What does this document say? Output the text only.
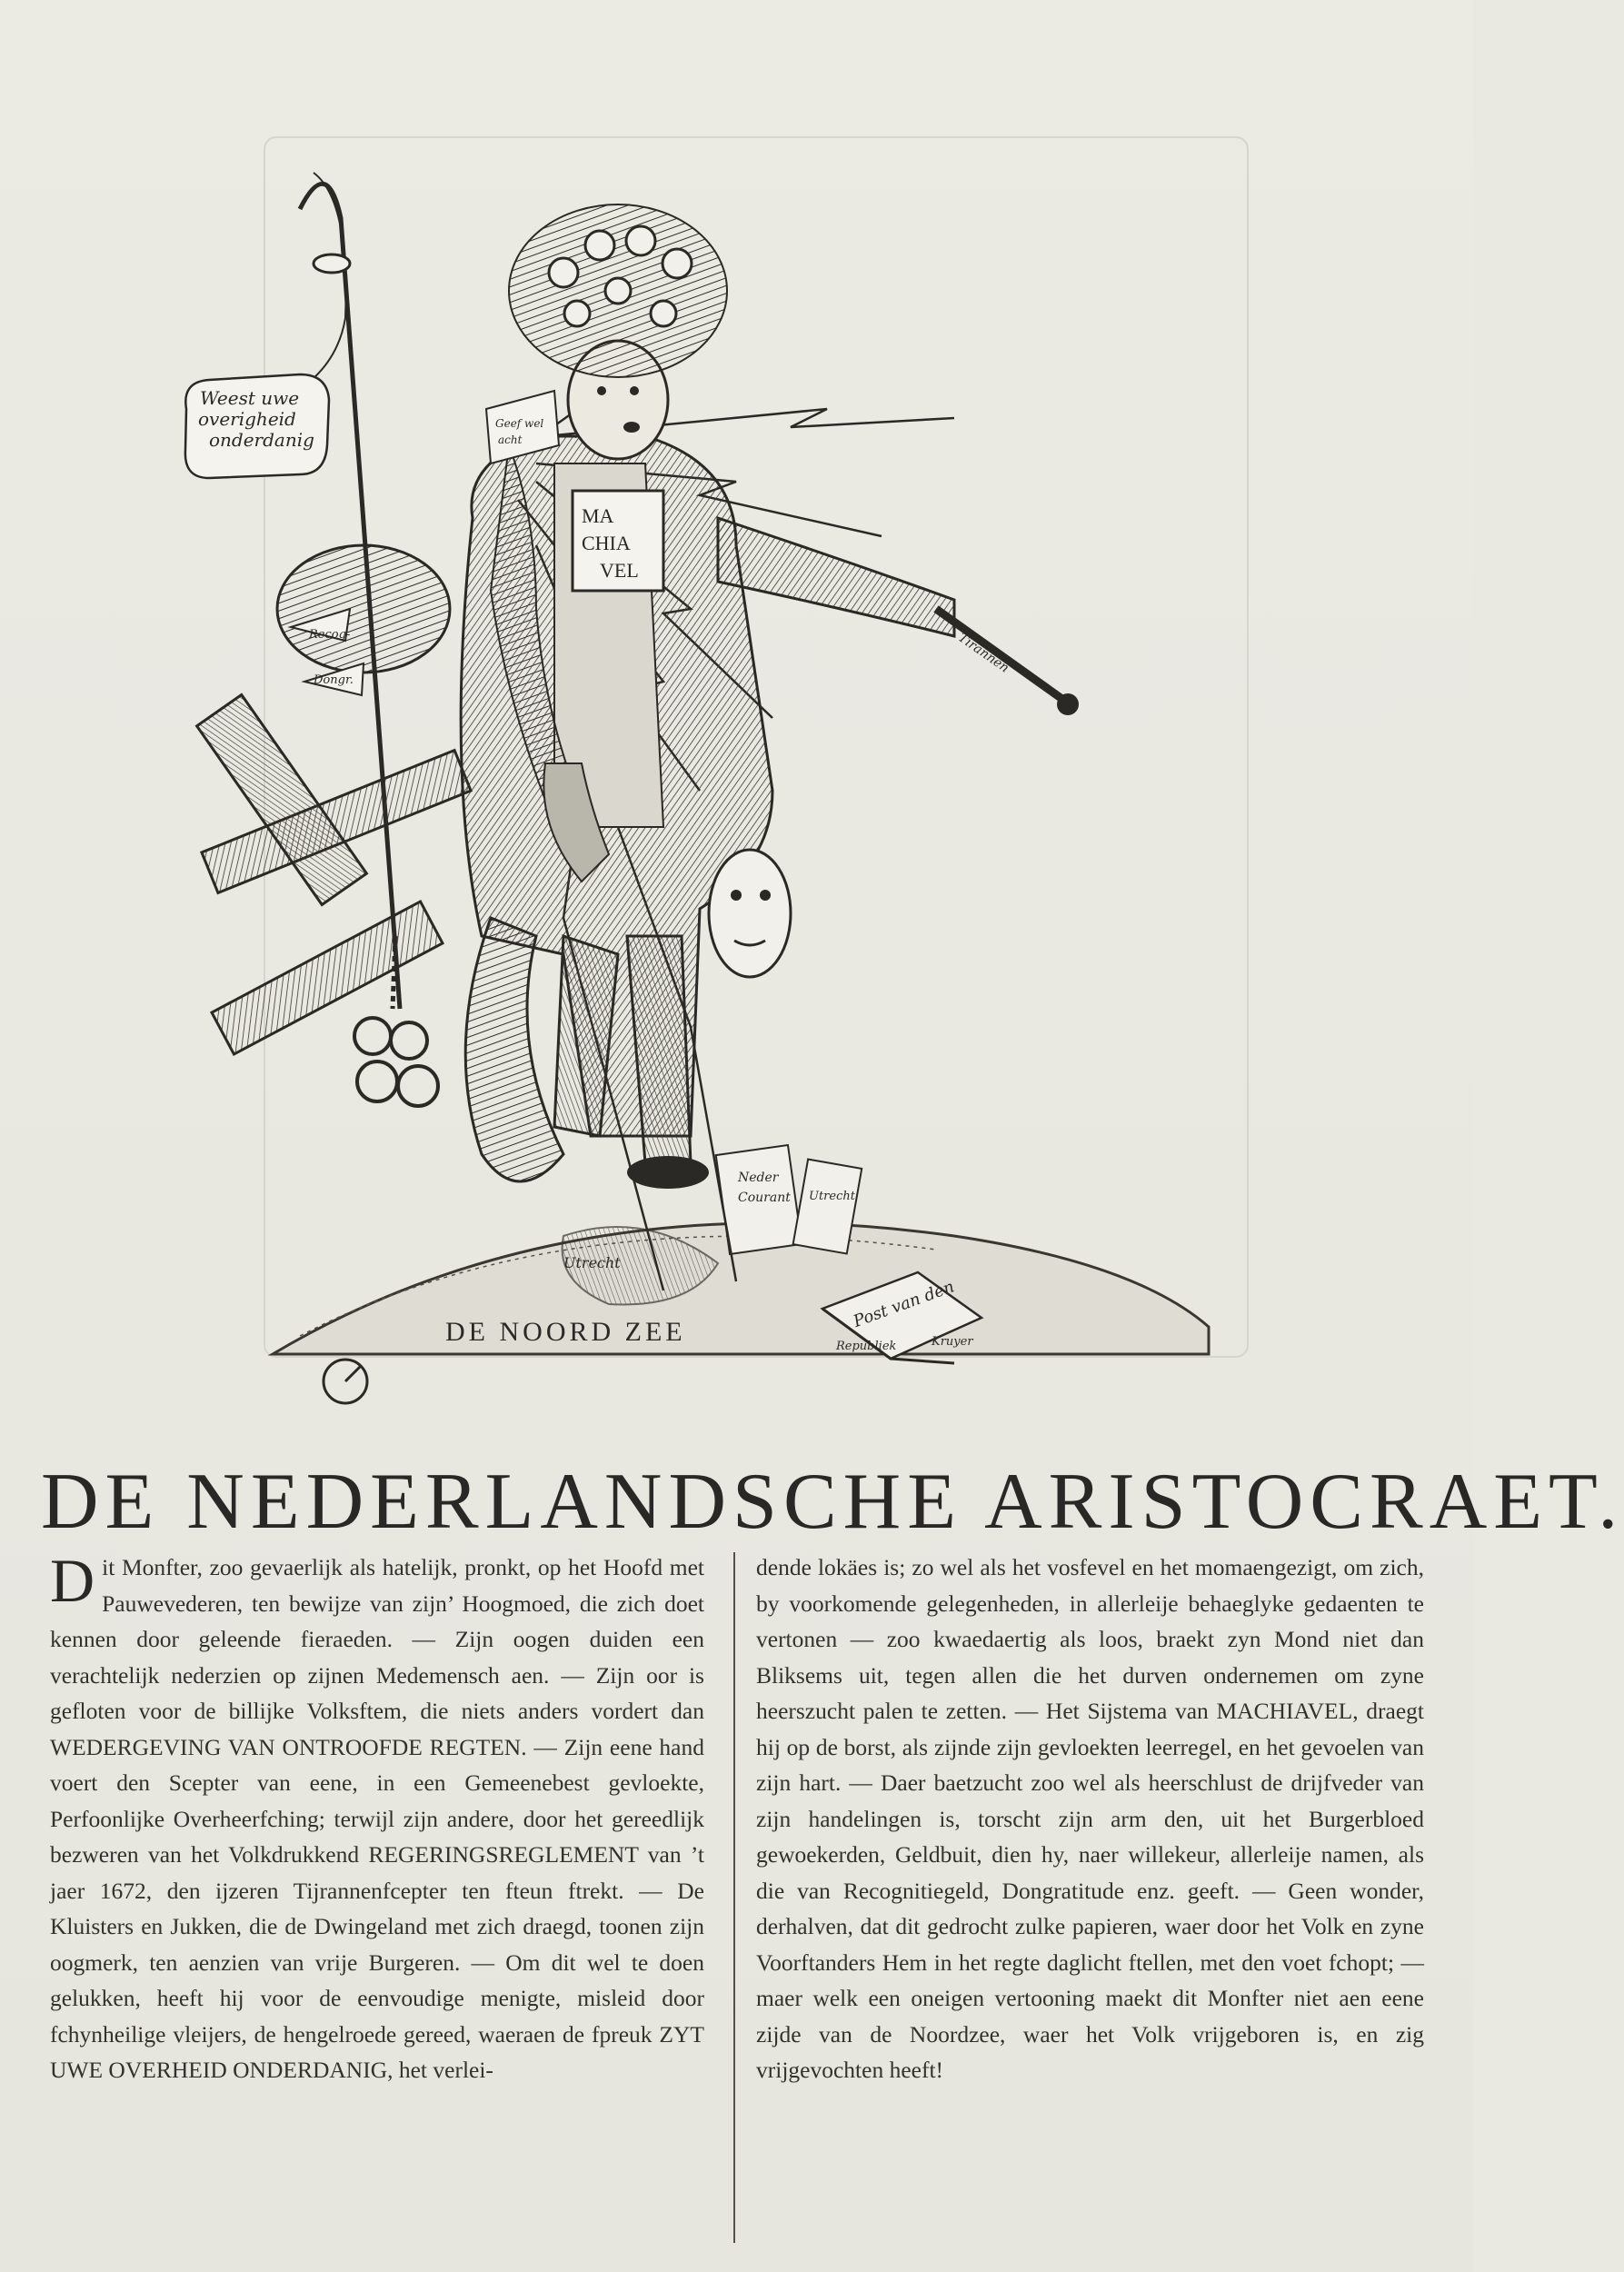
DE NOORD ZEE
Utrecht
Neder
Courant Utrecht
Post van den
Republiek	Kruyer
Weest uwe
overigheid
onderdanig
Recog-
Dongr.
Tirannen
MA
CHIA
VEL
Geef wel
acht
DE NEDERLANDSCHE ARISTOCRAET.

Dit Monfter, zoo gevaerlijk als hatelijk, pronkt, op het Hoofd met Pauwevederen, ten bewijze van zijn’ Hoogmoed, die zich doet kennen door geleende fieraeden. — Zijn oogen duiden een verachtelijk nederzien op zijnen Medemensch aen. — Zijn oor is gefloten voor de billijke Volksftem, die niets anders vordert dan WEDERGEVING VAN ONTROOFDE REGTEN. — Zijn eene hand voert den Scepter van eene, in een Gemeenebest gevloekte, Perfoonlijke Overheerfching; terwijl zijn andere, door het gereedlijk bezweren van het Volkdrukkend REGERINGSREGLEMENT van ’t jaer 1672, den ijzeren Tijrannenfcepter ten fteun ftrekt. — De Kluisters en Jukken, die de Dwingeland met zich draegd, toonen zijn oogmerk, ten aenzien van vrije Burgeren. — Om dit wel te doen gelukken, heeft hij voor de eenvoudige menigte, misleid door fchynheilige vleijers, de hengelroede gereed, waeraen de fpreuk ZYT UWE OVERHEID ONDERDANIG, het verlei-

dende lokäes is; zo wel als het vosfevel en het momaengezigt, om zich, by voorkomende gelegenheden, in allerleije behaeglyke gedaenten te vertonen — zoo kwaedaertig als loos, braekt zyn Mond niet dan Bliksems uit, tegen allen die het durven ondernemen om zyne heerszucht palen te zetten. — Het Sijstema van MACHIAVEL, draegt hij op de borst, als zijnde zijn gevloekten leerregel, en het gevoelen van zijn hart. — Daer baetzucht zoo wel als heerschlust de drijfveder van zijn handelingen is, torscht zijn arm den, uit het Burgerbloed gewoekerden, Geldbuit, dien hy, naer willekeur, allerleije namen, als die van Recognitiegeld, Dongratitude enz. geeft. — Geen wonder, derhalven, dat dit gedrocht zulke papieren, waer door het Volk en zyne Voorftanders Hem in het regte daglicht ftellen, met den voet fchopt; — maer welk een oneigen vertooning maekt dit Monfter niet aen eene zijde van de Noordzee, waer het Volk vrijgeboren is, en zig vrijgevochten heeft!
